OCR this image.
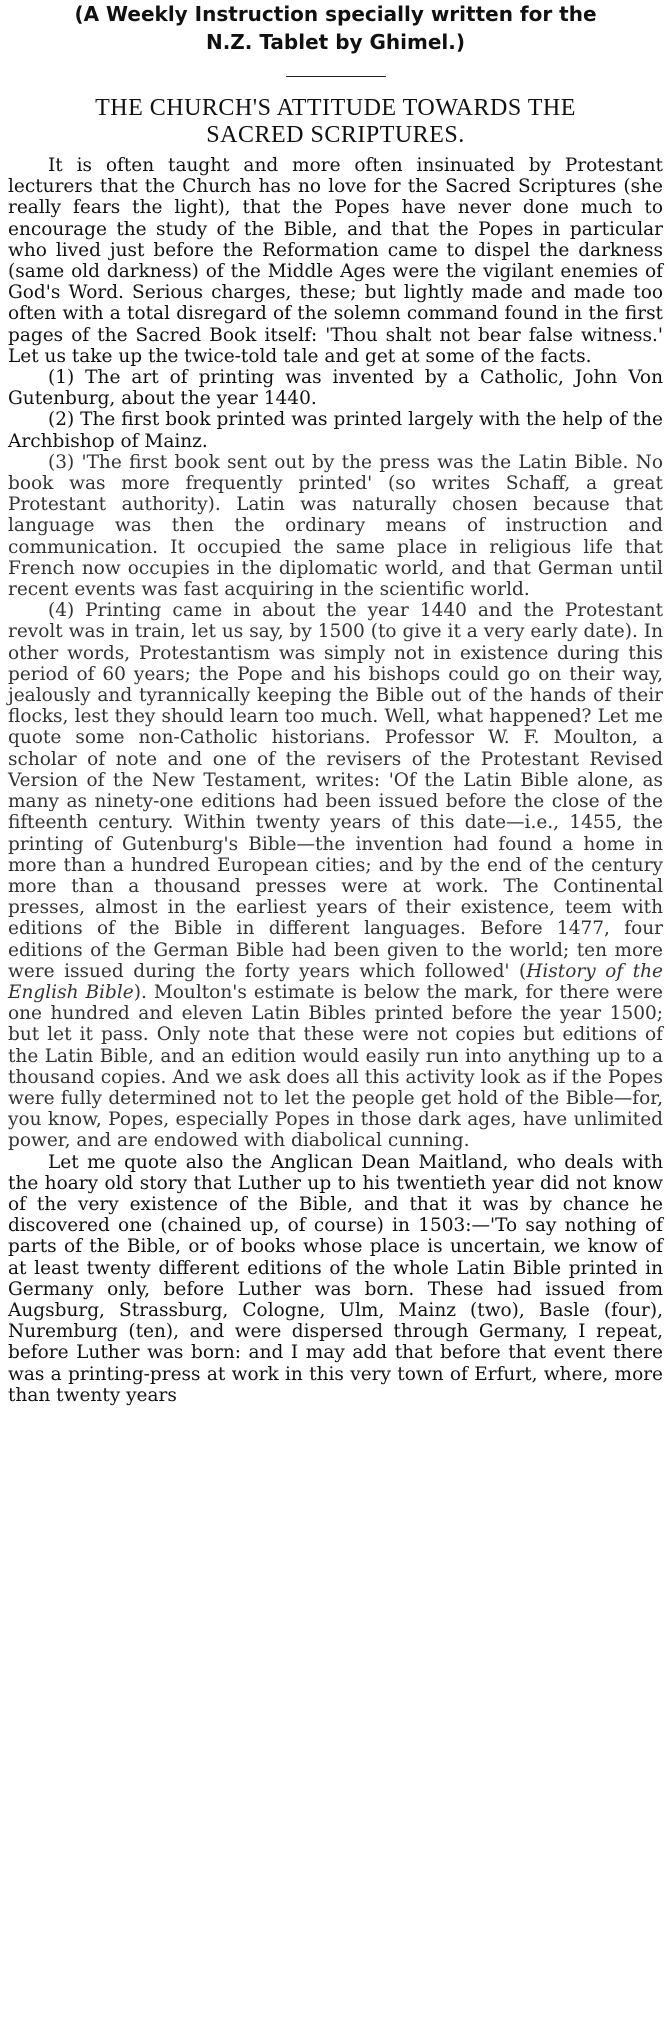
(A Weekly Instruction specially written for the
N.Z. Tablet by Ghimel.)
THE CHURCH'S ATTITUDE TOWARDS THE
SACRED SCRIPTURES.

It is often taught and more often insinuated by Protestant lecturers that the Church has no love for the Sacred Scriptures (she really fears the light), that the Popes have never done much to encourage the study of the Bible, and that the Popes in particular who lived just before the Reformation came to dispel the darkness (same old darkness) of the Middle Ages were the vigilant enemies of God's Word. Serious charges, these; but lightly made and made too often with a total disregard of the solemn command found in the first pages of the Sacred Book itself: 'Thou shalt not bear false witness.' Let us take up the twice-told tale and get at some of the facts.

(1) The art of printing was invented by a Catholic, John Von Gutenburg, about the year 1440.

(2) The first book printed was printed largely with the help of the Archbishop of Mainz.

(3) 'The first book sent out by the press was the Latin Bible. No book was more frequently printed' (so writes Schaff, a great Protestant authority). Latin was naturally chosen because that language was then the ordinary means of instruction and communication. It occupied the same place in religious life that French now occupies in the diplomatic world, and that German until recent events was fast acquiring in the scientific world.

(4) Printing came in about the year 1440 and the Protestant revolt was in train, let us say, by 1500 (to give it a very early date). In other words, Protestantism was simply not in existence during this period of 60 years; the Pope and his bishops could go on their way, jealously and tyrannically keeping the Bible out of the hands of their flocks, lest they should learn too much. Well, what happened? Let me quote some non-Catholic historians. Professor W. F. Moulton, a scholar of note and one of the revisers of the Protestant Revised Version of the New Testament, writes: 'Of the Latin Bible alone, as many as ninety-one editions had been issued before the close of the fifteenth century. Within twenty years of this date—i.e., 1455, the printing of Gutenburg's Bible—the invention had found a home in more than a hundred European cities; and by the end of the century more than a thousand presses were at work. The Continental presses, almost in the earliest years of their existence, teem with editions of the Bible in different languages. Before 1477, four editions of the German Bible had been given to the world; ten more were issued during the forty years which followed' (History of the English Bible). Moulton's estimate is below the mark, for there were one hundred and eleven Latin Bibles printed before the year 1500; but let it pass. Only note that these were not copies but editions of the Latin Bible, and an edition would easily run into anything up to a thousand copies. And we ask does all this activity look as if the Popes were fully determined not to let the people get hold of the Bible—for, you know, Popes, especially Popes in those dark ages, have unlimited power, and are endowed with diabolical cunning.

Let me quote also the Anglican Dean Maitland, who deals with the hoary old story that Luther up to his twentieth year did not know of the very existence of the Bible, and that it was by chance he discovered one (chained up, of course) in 1503:—'To say nothing of parts of the Bible, or of books whose place is uncertain, we know of at least twenty different editions of the whole Latin Bible printed in Germany only, before Luther was born. These had issued from Augsburg, Strassburg, Cologne, Ulm, Mainz (two), Basle (four), Nuremburg (ten), and were dispersed through Germany, I repeat, before Luther was born: and I may add that before that event there was a printing-press at work in this very town of Erfurt, where, more than twenty years
